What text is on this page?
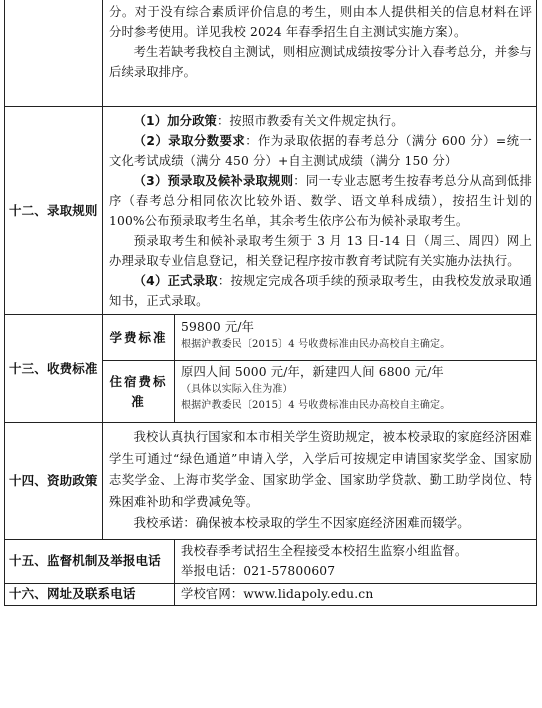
	分。对于没有综合素质评价信息的考生，则由本人提供相关的信息材料在评分时参考使用。详见我校 2024 年春季招生自主测试实施方案）。

考生若缺考我校自主测试，则相应测试成绩按零分计入春考总分，并参与后续录取排序。	

十二、录取规则	（1）加分政策：按照市教委有关文件规定执行。

（2）录取分数要求：作为录取依据的春考总分（满分 600 分）=统一文化考试成绩（满分 450 分）+自主测试成绩（满分 150 分）

（3）预录取及候补录取规则：同一专业志愿考生按春考总分从高到低排序（春考总分相同依次比较外语、数学、语文单科成绩），按招生计划的 100%公布预录取考生名单，其余考生依序公布为候补录取考生。

预录取考生和候补录取考生须于 3 月 13 日-14 日（周三、周四）网上办理录取专业信息登记，相关登记程序按市教育考试院有关实施办法执行。

（4）正式录取：按规定完成各项手续的预录取考生，由我校发放录取通知书，正式录取。	

十三、收费标准	学费标准	59800 元/年

根据沪教委民〔2015〕4 号收费标准由民办高校自主确定。

	住宿费标准	原四人间 5000 元/年，新建四人间 6800 元/年

（具体以实际入住为准）

根据沪教委民〔2015〕4 号收费标准由民办高校自主确定。

十四、资助政策	我校认真执行国家和本市相关学生资助规定，被本校录取的家庭经济困难学生可通过“绿色通道”申请入学，入学后可按规定申请国家奖学金、国家励志奖学金、上海市奖学金、国家助学金、国家助学贷款、勤工助学岗位、特殊困难补助和学费减免等。

我校承诺：确保被本校录取的学生不因家庭经济困难而辍学。	

十五、监督机制及举报电话		我校春季考试招生全程接受本校招生监察小组监督。

举报电话：021-57800607

十六、网址及联系电话		学校官网：www.lidapoly.edu.cn
